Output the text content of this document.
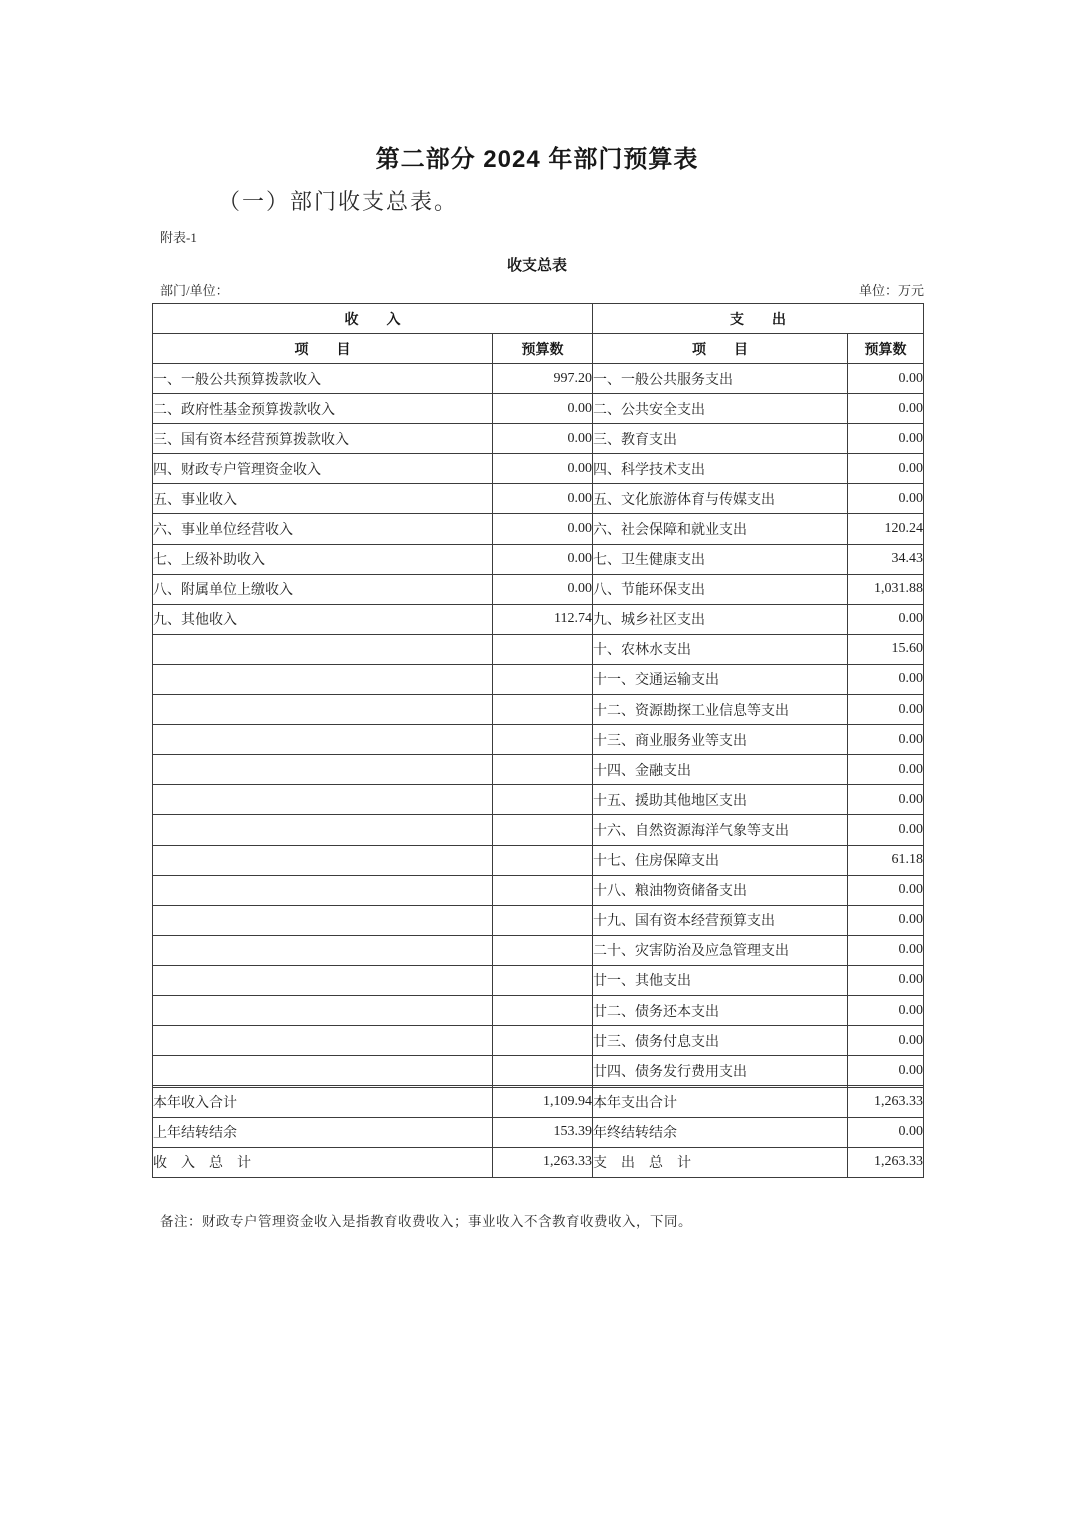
第二部分 2024 年部门预算表
（一）部门收支总表。
附表-1
收支总表
部门/单位：	单位：万元
收　　入		支　　出	
项　　目	预算数	项　　目	预算数
一、一般公共预算拨款收入	997.20	一、一般公共服务支出	0.00
二、政府性基金预算拨款收入	0.00	二、公共安全支出	0.00
三、国有资本经营预算拨款收入	0.00	三、教育支出	0.00
四、财政专户管理资金收入	0.00	四、科学技术支出	0.00
五、事业收入	0.00	五、文化旅游体育与传媒支出	0.00
六、事业单位经营收入	0.00	六、社会保障和就业支出	120.24
七、上级补助收入	0.00	七、卫生健康支出	34.43
八、附属单位上缴收入	0.00	八、节能环保支出	1,031.88
九、其他收入	112.74	九、城乡社区支出	0.00
		十、农林水支出	15.60
		十一、交通运输支出	0.00
		十二、资源勘探工业信息等支出	0.00
		十三、商业服务业等支出	0.00
		十四、金融支出	0.00
		十五、援助其他地区支出	0.00
		十六、自然资源海洋气象等支出	0.00
		十七、住房保障支出	61.18
		十八、粮油物资储备支出	0.00
		十九、国有资本经营预算支出	0.00
		二十、灾害防治及应急管理支出	0.00
		廿一、其他支出	0.00
		廿二、债务还本支出	0.00
		廿三、债务付息支出	0.00
		廿四、债务发行费用支出	0.00

本年收入合计	1,109.94	本年支出合计	1,263.33
上年结转结余	153.39	年终结转结余	0.00
收　入　总　计	1,263.33	支　出　总　计	1,263.33
备注：财政专户管理资金收入是指教育收费收入；事业收入不含教育收费收入，下同。
